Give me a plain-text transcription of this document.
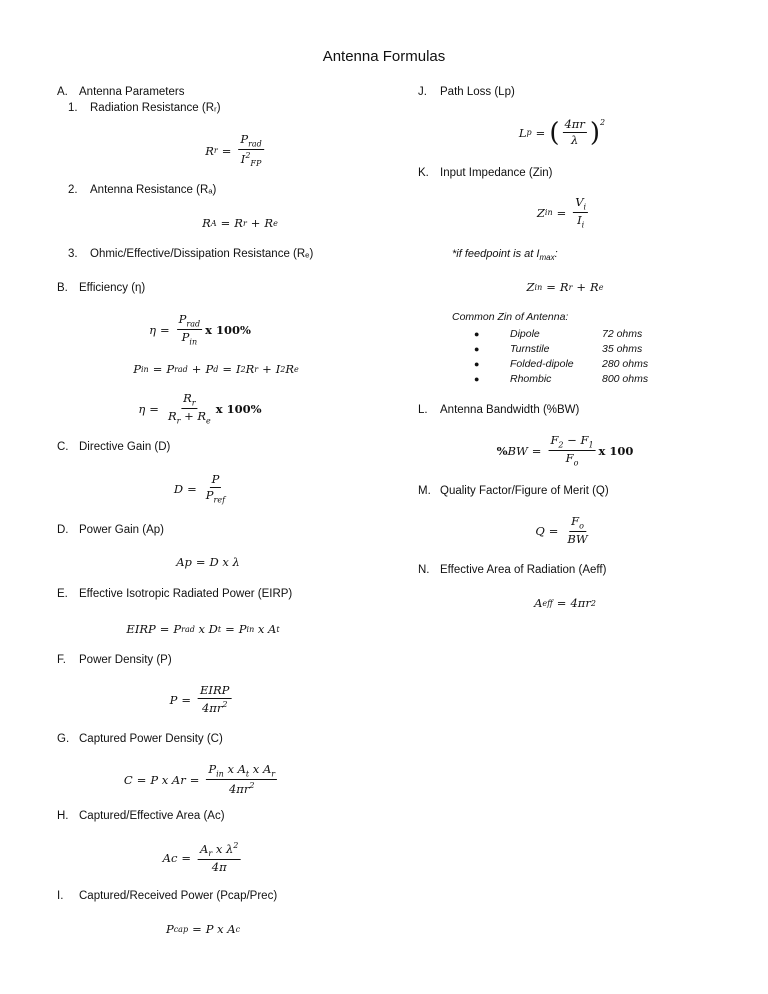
Antenna Formulas
A. Antenna Parameters
1. Radiation Resistance (Rᵣ)
R $r = \frac{P_{rad}}{I^2_{FP}}$
2. Antenna Resistance (Rₐ)
R A = R r + R e
3. Ohmic/Effective/Dissipation Resistance (Rₑ)
B. Efficiency (η)
$\eta = \frac{P_{rad}}{P_{in}}$ x 100%
P in = P rad + P d = I 2 R r + I 2 R e
$\eta = \frac{R_r}{R_r + R_e}$ x 100%
C. Directive Gain (D)
$D = \frac{P}{P_{ref}}$
D. Power Gain (Ap)
Ap = D x λ
E. Effective Isotropic Radiated Power (EIRP)
EIRP = P rad x D t = P in x A t
F. Power Density (P)
$P = \frac{\text{EIRP}}{4\pi r^2}$
G. Captured Power Density (C)
C = P x $Ar = \frac{P_{in} x A_t x A_r}{4\pi r^2}$
H. Captured/Effective Area (Ac)
$Ac = \frac{A_r x \lambda^2}{4\pi}$
I. Captured/Received Power (Pcap/Prec)
P cap = P x A c
J. Path Loss (Lp)
L p = ( $\frac{4\pi r}{\lambda} )^2$
K. Input Impedance (Zin)
Z in = $\frac{V_i}{I_i}$
*if feedpoint is at $I_{max}$:
Z in = R r + R e
Common Zin of Antenna:
●	Dipole	72 ohms
●	Turnstile	35 ohms
●	Folded-dipole	280 ohms
●	Rhombic	800 ohms
L. Antenna Bandwidth (%BW)
% BW = $\frac{F_2 - F_1}{F_o}$ x 100
M. Quality Factor/Figure of Merit (Q)
$Q = \frac{F_o}{BW}$
N. Effective Area of Radiation (Aeff)
A eff = 4πr 2
